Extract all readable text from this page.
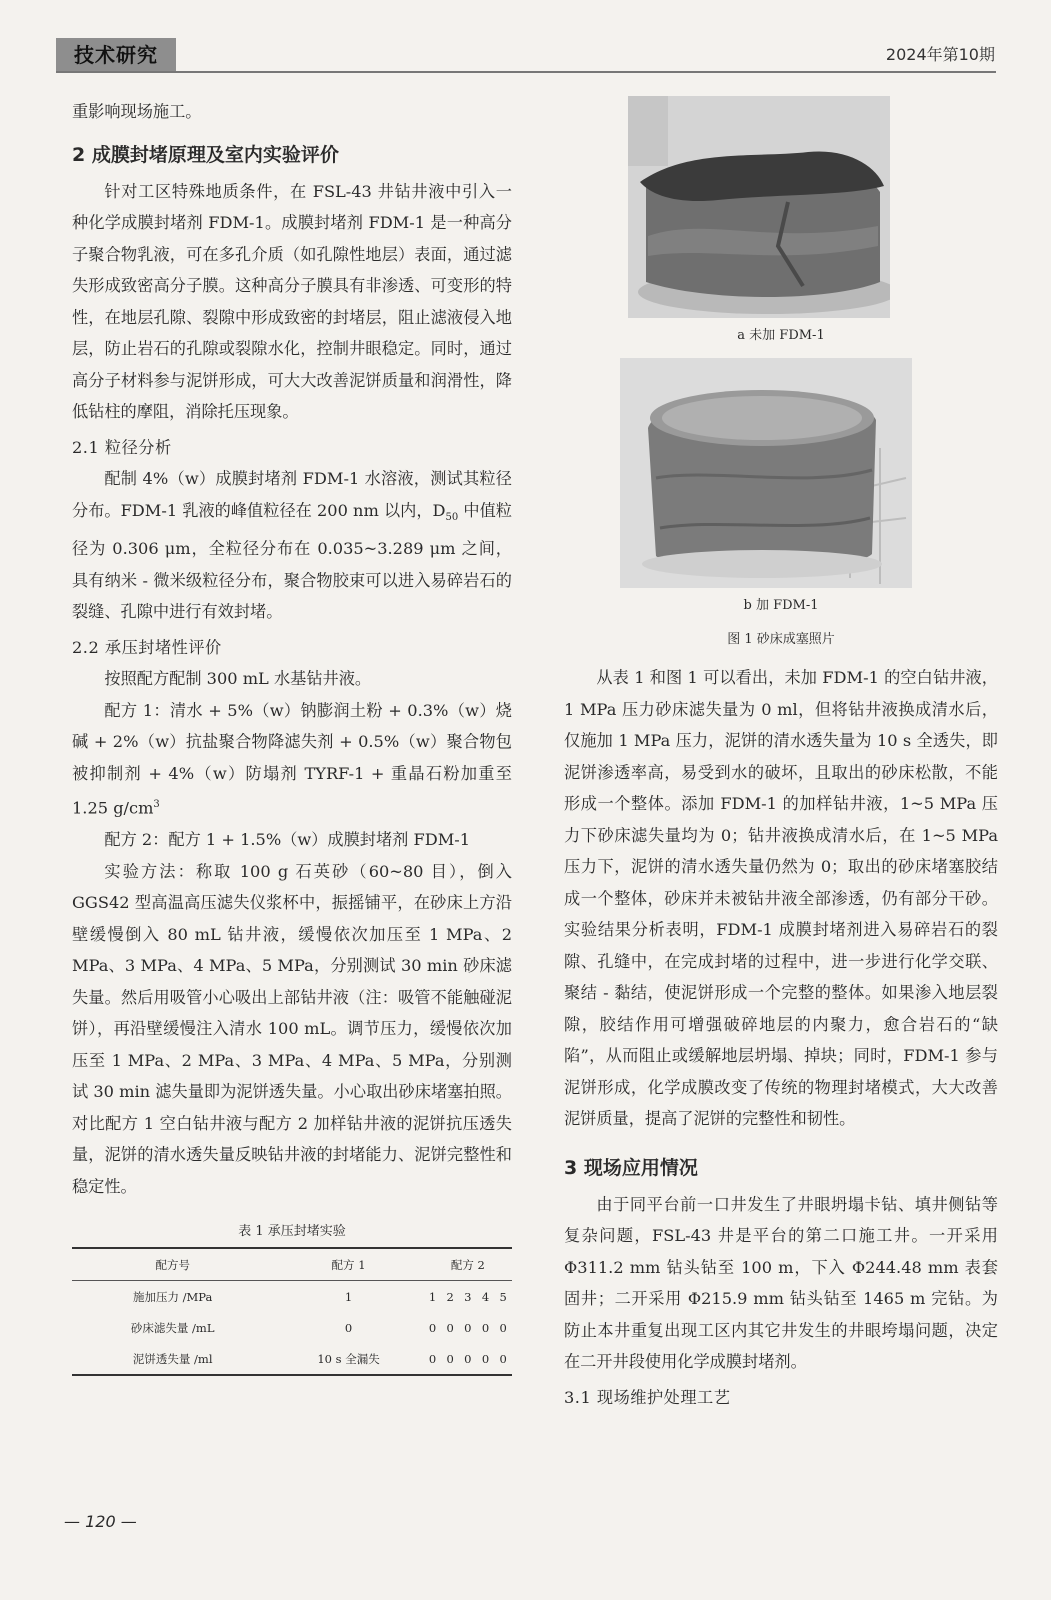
技术研究	2024年第10期

重影响现场施工。

2 成膜封堵原理及室内实验评价

针对工区特殊地质条件，在 FSL-43 井钻井液中引入一种化学成膜封堵剂 FDM-1。成膜封堵剂 FDM-1 是一种高分子聚合物乳液，可在多孔介质（如孔隙性地层）表面，通过滤失形成致密高分子膜。这种高分子膜具有非渗透、可变形的特性，在地层孔隙、裂隙中形成致密的封堵层，阻止滤液侵入地层，防止岩石的孔隙或裂隙水化，控制井眼稳定。同时，通过高分子材料参与泥饼形成，可大大改善泥饼质量和润滑性，降低钻柱的摩阻，消除托压现象。

2.1 粒径分析

配制 4%（w）成膜封堵剂 FDM-1 水溶液，测试其粒径分布。FDM-1 乳液的峰值粒径在 200 nm 以内，$D_{50}$ 中值粒径为 0.306 μm，全粒径分布在 0.035~3.289 μm 之间，具有纳米 - 微米级粒径分布，聚合物胶束可以进入易碎岩石的裂缝、孔隙中进行有效封堵。

2.2 承压封堵性评价

按照配方配制 300 mL 水基钻井液。

配方 1：清水 + 5%（w）钠膨润土粉 + 0.3%（w）烧碱 + 2%（w）抗盐聚合物降滤失剂 + 0.5%（w）聚合物包被抑制剂 + 4%（w）防塌剂 TYRF-1 + 重晶石粉加重至 1.25 $g/cm^3$

配方 2：配方 1 + 1.5%（w）成膜封堵剂 FDM-1

实验方法：称取 100 g 石英砂（60~80 目），倒入 GGS42 型高温高压滤失仪浆杯中，振摇铺平，在砂床上方沿壁缓慢倒入 80 mL 钻井液，缓慢依次加压至 1 MPa、2 MPa、3 MPa、4 MPa、5 MPa，分别测试 30 min 砂床滤失量。然后用吸管小心吸出上部钻井液（注：吸管不能触碰泥饼），再沿壁缓慢注入清水 100 mL。调节压力，缓慢依次加压至 1 MPa、2 MPa、3 MPa、4 MPa、5 MPa，分别测试 30 min 滤失量即为泥饼透失量。小心取出砂床堵塞拍照。对比配方 1 空白钻井液与配方 2 加样钻井液的泥饼抗压透失量，泥饼的清水透失量反映钻井液的封堵能力、泥饼完整性和稳定性。

表 1 承压封堵实验
配方号	配方 1	配方 2				
施加压力 /MPa	1	1	2	3	4	5
砂床滤失量 /mL	0	0	0	0	0	0
泥饼透失量 /ml	10 s 全漏失	0	0	0	0	0
a 未加 FDM-1
b 加 FDM-1
图 1 砂床成塞照片

从表 1 和图 1 可以看出，未加 FDM-1 的空白钻井液，1 MPa 压力砂床滤失量为 0 ml，但将钻井液换成清水后，仅施加 1 MPa 压力，泥饼的清水透失量为 10 s 全透失，即泥饼渗透率高，易受到水的破坏，且取出的砂床松散，不能形成一个整体。添加 FDM-1 的加样钻井液，1~5 MPa 压力下砂床滤失量均为 0；钻井液换成清水后，在 1~5 MPa 压力下，泥饼的清水透失量仍然为 0；取出的砂床堵塞胶结成一个整体，砂床并未被钻井液全部渗透，仍有部分干砂。实验结果分析表明，FDM-1 成膜封堵剂进入易碎岩石的裂隙、孔缝中，在完成封堵的过程中，进一步进行化学交联、聚结 - 黏结，使泥饼形成一个完整的整体。如果渗入地层裂隙，胶结作用可增强破碎地层的内聚力，愈合岩石的“缺陷”，从而阻止或缓解地层坍塌、掉块；同时，FDM-1 参与泥饼形成，化学成膜改变了传统的物理封堵模式，大大改善泥饼质量，提高了泥饼的完整性和韧性。

3 现场应用情况

由于同平台前一口井发生了井眼坍塌卡钻、填井侧钻等复杂问题，FSL-43 井是平台的第二口施工井。一开采用 Φ311.2 mm 钻头钻至 100 m，下入 Φ244.48 mm 表套固井；二开采用 Φ215.9 mm 钻头钻至 1465 m 完钻。为防止本井重复出现工区内其它井发生的井眼垮塌问题，决定在二开井段使用化学成膜封堵剂。

3.1 现场维护处理工艺
— 120 —
